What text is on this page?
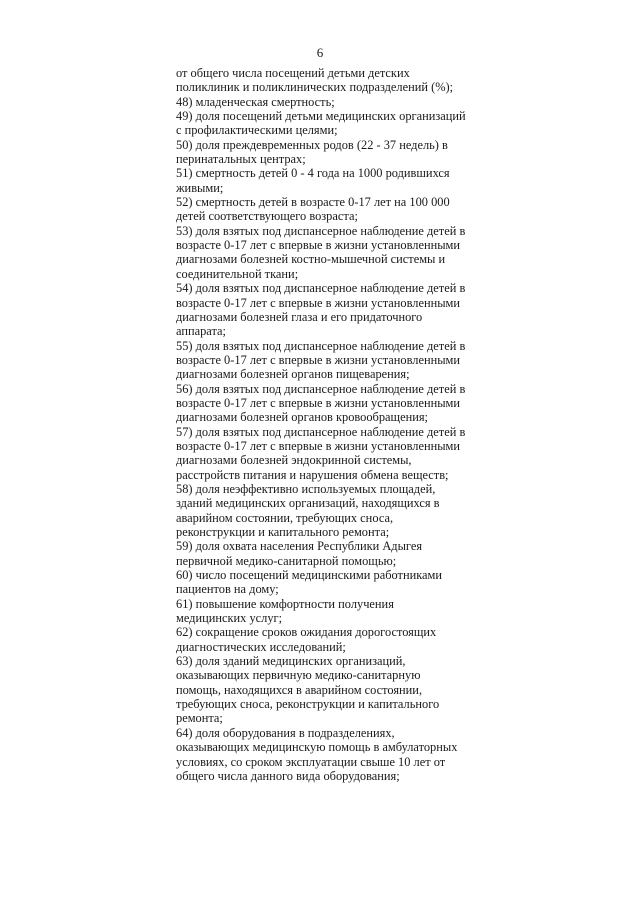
6

от общего числа посещений детьми детских

поликлиник и поликлинических подразделений (%);

48) младенческая смертность;

49) доля посещений детьми медицинских организаций

с профилактическими целями;

50) доля преждевременных родов (22 - 37 недель) в

перинатальных центрах;

51) смертность детей 0 - 4 года на 1000 родившихся

живыми;

52) смертность детей в возрасте 0-17 лет на 100 000

детей соответствующего возраста;

53) доля взятых под диспансерное наблюдение детей в

возрасте 0-17 лет с впервые в жизни установленными

диагнозами болезней костно-мышечной системы и

соединительной ткани;

54) доля взятых под диспансерное наблюдение детей в

возрасте 0-17 лет с впервые в жизни установленными

диагнозами болезней глаза и его придаточного

аппарата;

55) доля взятых под диспансерное наблюдение детей в

возрасте 0-17 лет с впервые в жизни установленными

диагнозами болезней органов пищеварения;

56) доля взятых под диспансерное наблюдение детей в

возрасте 0-17 лет с впервые в жизни установленными

диагнозами болезней органов кровообращения;

57) доля взятых под диспансерное наблюдение детей в

возрасте 0-17 лет с впервые в жизни установленными

диагнозами болезней эндокринной системы,

расстройств питания и нарушения обмена веществ;

58) доля неэффективно используемых площадей,

зданий медицинских организаций, находящихся в

аварийном состоянии, требующих сноса,

реконструкции и капитального ремонта;

59) доля охвата населения Республики Адыгея

первичной медико-санитарной помощью;

60) число посещений медицинскими работниками

пациентов на дому;

61) повышение комфортности получения

медицинских услуг;

62) сокращение сроков ожидания дорогостоящих

диагностических исследований;

63) доля зданий медицинских организаций,

оказывающих первичную медико-санитарную

помощь, находящихся в аварийном состоянии,

требующих сноса, реконструкции и капитального

ремонта;

64) доля оборудования в подразделениях,

оказывающих медицинскую помощь в амбулаторных

условиях, со сроком эксплуатации свыше 10 лет от

общего числа данного вида оборудования;
